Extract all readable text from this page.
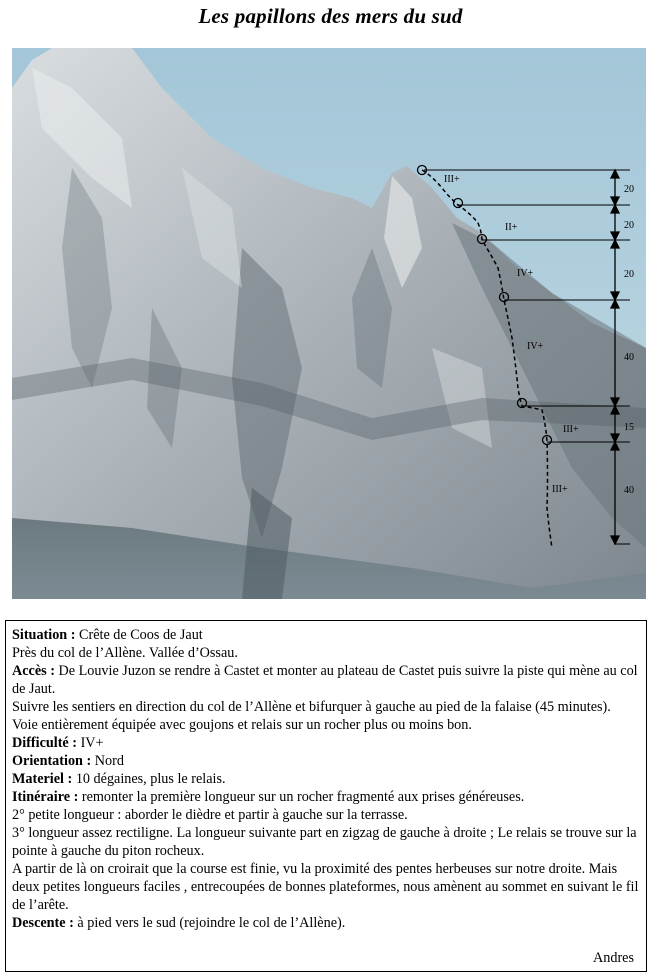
Les papillons des mers du sud
III+
II+
IV+
IV+
III+
III+
20
20
20
40
15
40

Situation : Crête de Coos de Jaut

Près du col de l’Allène. Vallée d’Ossau.

Accès : De Louvie Juzon se rendre à Castet et monter au plateau de Castet puis suivre la piste qui mène au col de Jaut.

Suivre les sentiers en direction du col de l’Allène et bifurquer à gauche au pied de la falaise (45 minutes).

Voie entièrement équipée avec goujons et relais sur un rocher plus ou moins bon.

Difficulté : IV+

Orientation : Nord

Materiel : 10 dégaines, plus le relais.

Itinéraire : remonter la première longueur sur un rocher fragmenté aux prises généreuses.

2° petite longueur : aborder le dièdre et partir à gauche sur la terrasse.

3° longueur assez rectiligne. La longueur suivante part en zigzag de gauche à droite ; Le relais se trouve sur la pointe à gauche du piton rocheux.

A partir de là on croirait que la course est finie, vu la proximité des pentes herbeuses sur notre droite. Mais deux petites longueurs faciles , entrecoupées de bonnes plateformes, nous amènent au sommet en suivant le fil de l’arête.

Descente : à pied vers le sud (rejoindre le col de l’Allène).

Andres
